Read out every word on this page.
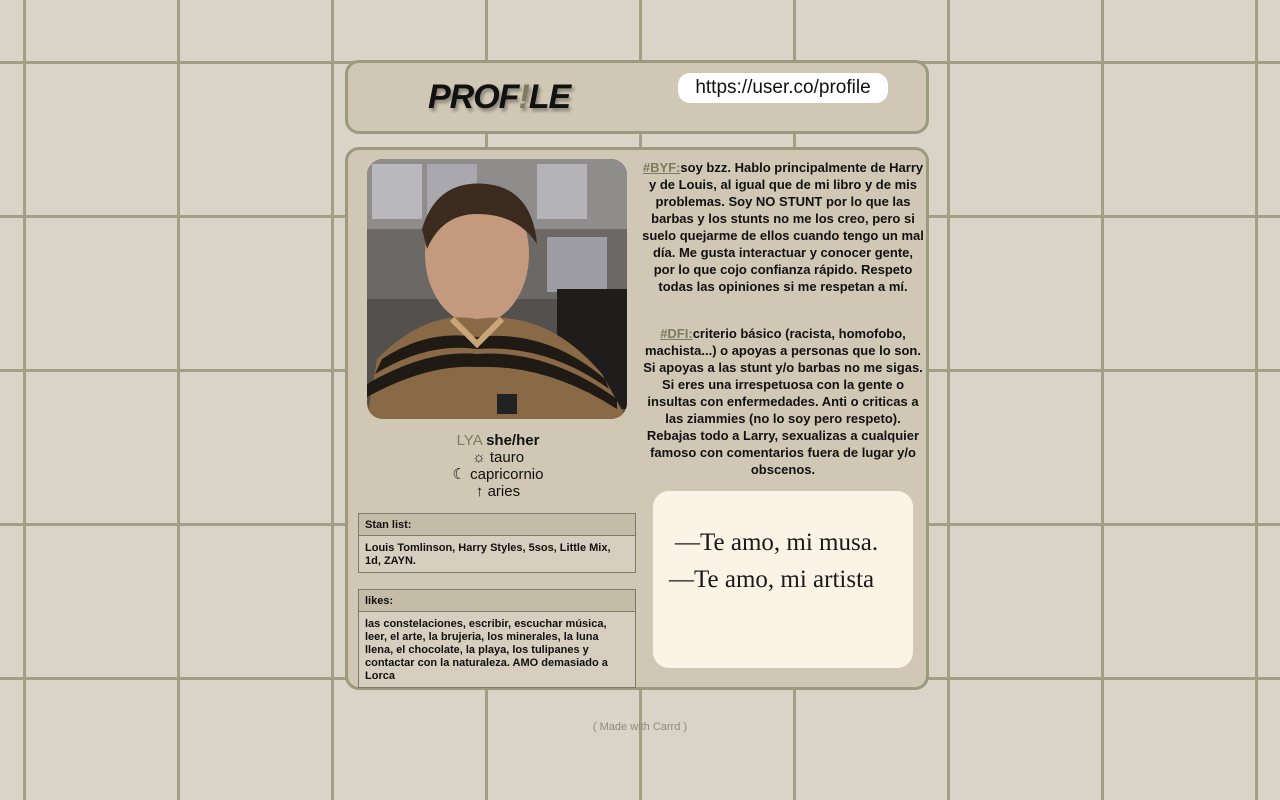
PROF!LE
https://user.co/profile
LYA she/her
☼ tauro
☾ capricornio
↑ aries
Stan list:
Louis Tomlinson, Harry Styles, 5sos, Little Mix, 1d, ZAYN.
likes:
las constelaciones, escribir, escuchar música, leer, el arte, la brujeria, los minerales, la luna llena, el chocolate, la playa, los tulipanes y contactar con la naturaleza. AMO demasiado a Lorca

#BYF:soy bzz. Hablo principalmente de Harry y de Louis, al igual que de mi libro y de mis problemas. Soy NO STUNT por lo que las barbas y los stunts no me los creo, pero si suelo quejarme de ellos cuando tengo un mal día. Me gusta interactuar y conocer gente, por lo que cojo confianza rápido. Respeto todas las opiniones si me respetan a mí.

#DFI:criterio básico (racista, homofobo, machista...) o apoyas a personas que lo son. Si apoyas a las stunt y/o barbas no me sigas. Si eres una irrespetuosa con la gente o insultas con enfermedades. Anti o criticas a las ziammies (no lo soy pero respeto). Rebajas todo a Larry, sexualizas a cualquier famoso con comentarios fuera de lugar y/o obscenos.

—Te amo, mi musa.
—Te amo, mi artista
( Made with Carrd )
